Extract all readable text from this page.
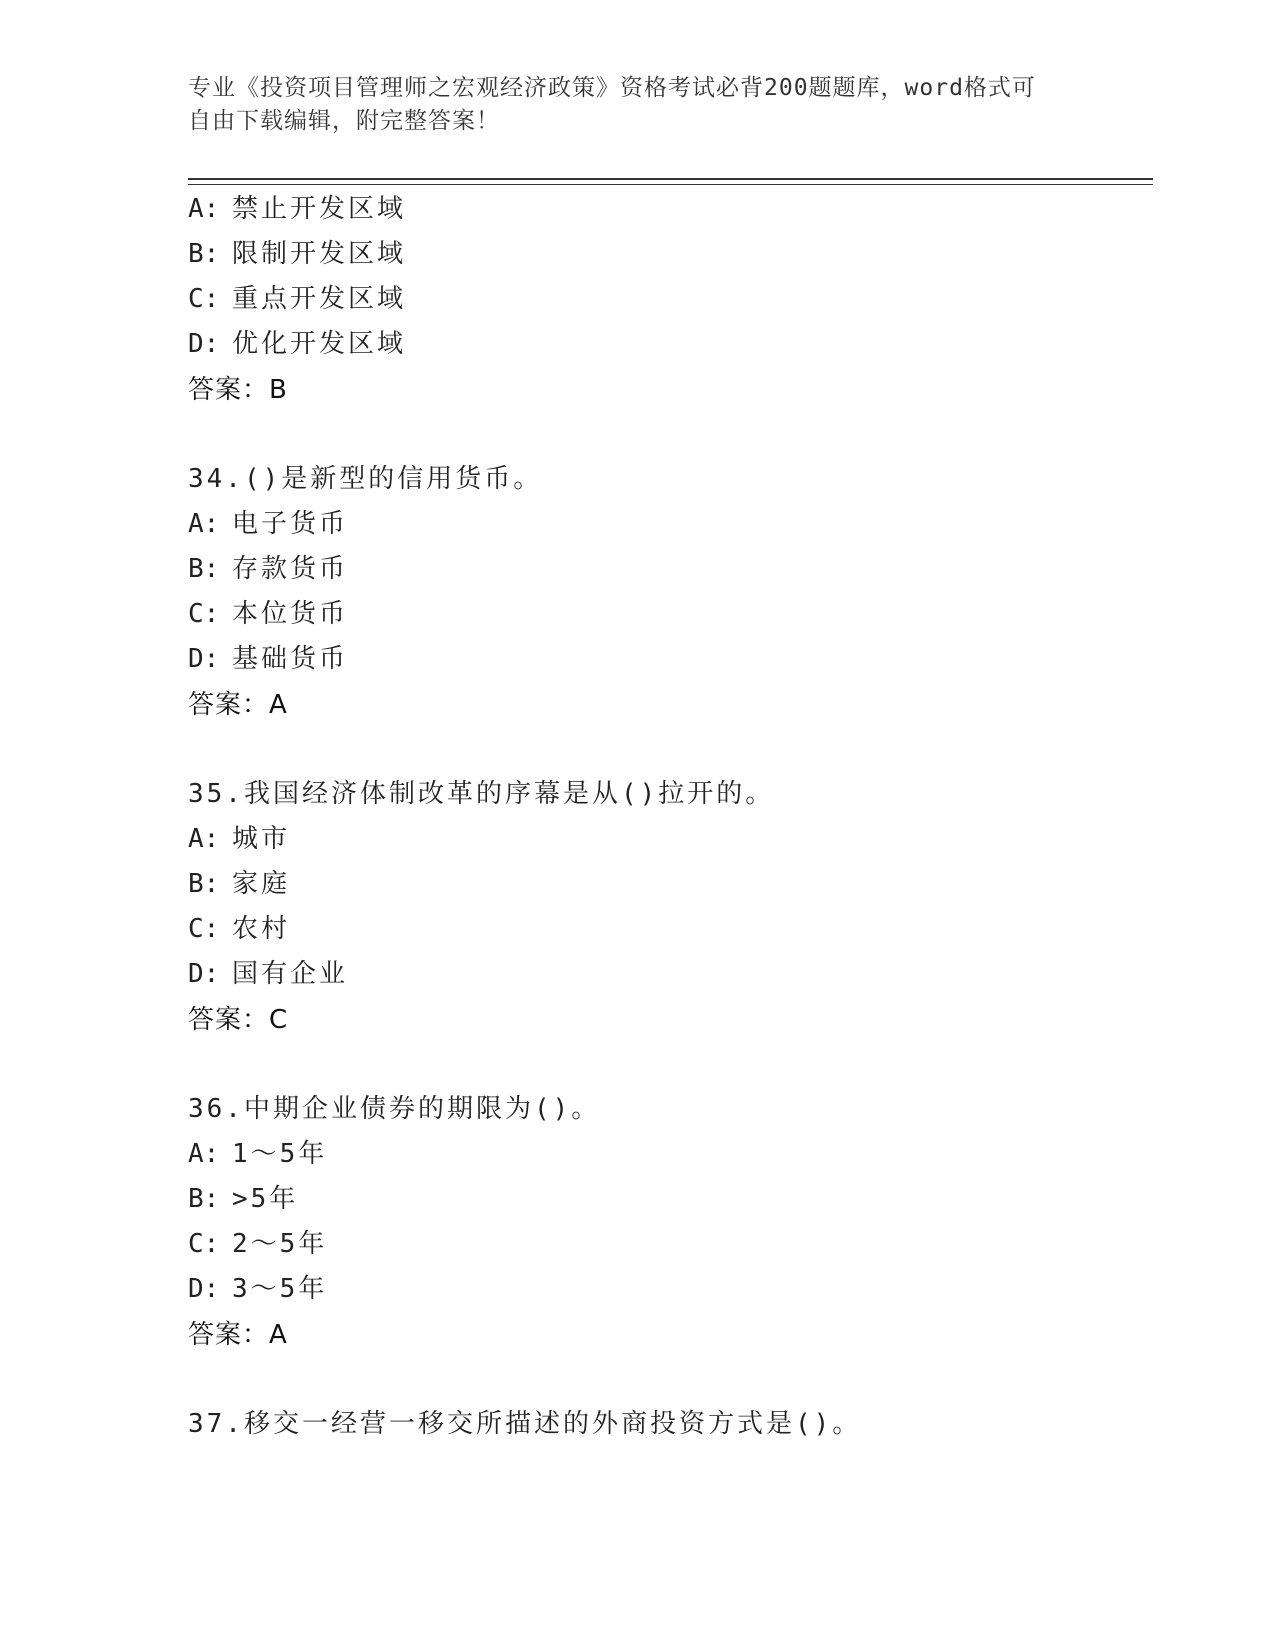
专业《投资项目管理师之宏观经济政策》资格考试必背200题题库，word格式可
自由下载编辑，附完整答案！
A: 禁止开发区域
B: 限制开发区域
C: 重点开发区域
D: 优化开发区域
答案：B
34.()是新型的信用货币。
A: 电子货币
B: 存款货币
C: 本位货币
D: 基础货币
答案：A
35.我国经济体制改革的序幕是从()拉开的。
A: 城市
B: 家庭
C: 农村
D: 国有企业
答案：C
36.中期企业债券的期限为()。
A: 1～5年
B: >5年
C: 2～5年
D: 3～5年
答案：A
37.移交一经营一移交所描述的外商投资方式是()。
